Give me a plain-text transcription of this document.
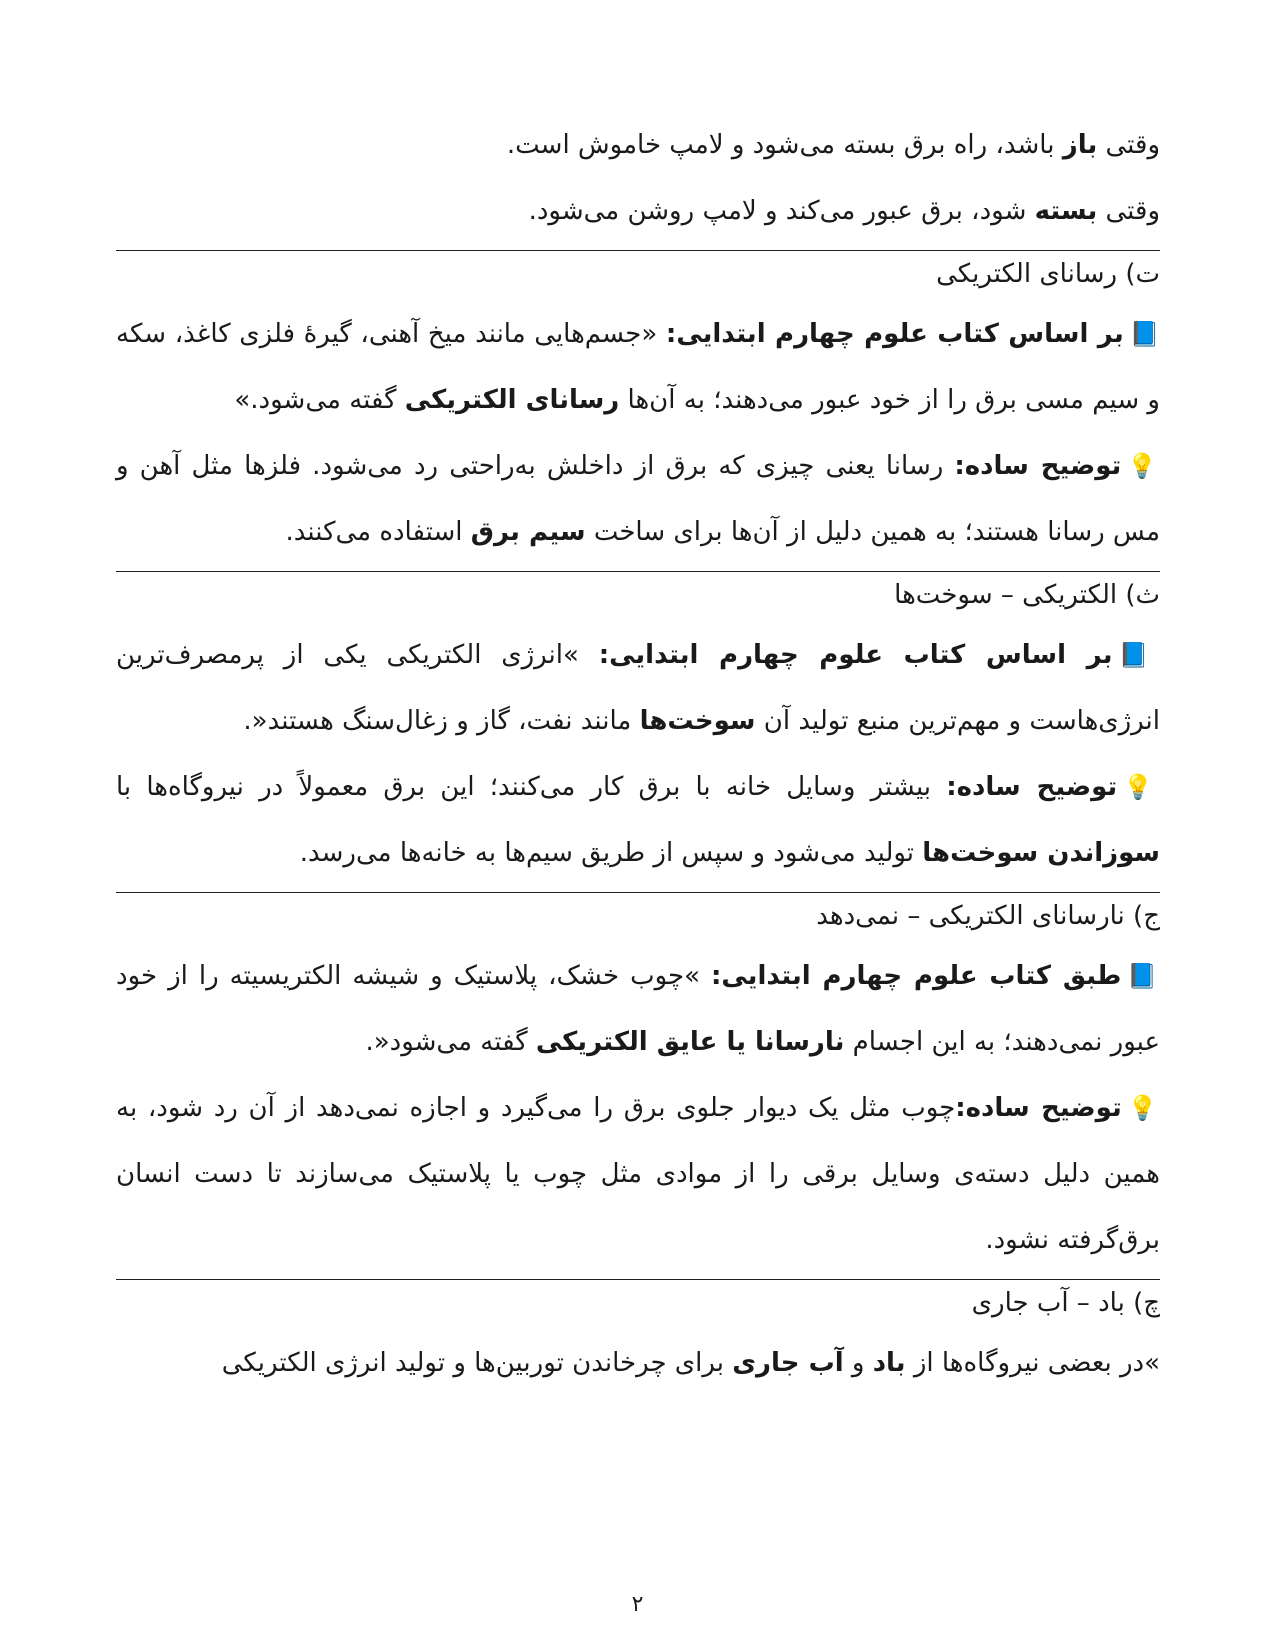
وقتی باز باشد، راه برق بسته می‌شود و لامپ خاموش است.

وقتی بسته شود، برق عبور می‌کند و لامپ روشن می‌شود.

ت) رسانای الکتریکی

📘بر اساس کتاب علوم چهارم ابتدایی: «جسم‌هایی مانند میخ آهنی، گیرهٔ فلزی کاغذ، سکه و سیم مسی برق را از خود عبور می‌دهند؛ به آن‌ها رسانای الکتریکی گفته می‌شود.»

💡توضیح ساده: رسانا یعنی چیزی که برق از داخلش به‌راحتی رد می‌شود. فلزها مثل آهن و مس رسانا هستند؛ به همین دلیل از آن‌ها برای ساخت سیم برق استفاده می‌کنند.

ث) الکتریکی – سوخت‌ها

📘بر اساس کتاب علوم چهارم ابتدایی: »انرژی الکتریکی یکی از پرمصرف‌ترین انرژی‌هاست و مهم‌ترین منبع تولید آن سوخت‌ها مانند نفت، گاز و زغال‌سنگ هستند«.

💡توضیح ساده: بیشتر وسایل خانه با برق کار می‌کنند؛ این برق معمولاً در نیروگاه‌ها با سوزاندن سوخت‌ها تولید می‌شود و سپس از طریق سیم‌ها به خانه‌ها می‌رسد.

ج) نارسانای الکتریکی – نمی‌دهد

📘طبق کتاب علوم چهارم ابتدایی: »چوب خشک، پلاستیک و شیشه الکتریسیته را از خود عبور نمی‌دهند؛ به این اجسام نارسانا یا عایق الکتریکی گفته می‌شود«.

💡توضیح ساده:چوب مثل یک دیوار جلوی برق را می‌گیرد و اجازه نمی‌دهد از آن رد شود، به همین دلیل دسته‌ی وسایل برقی را از موادی مثل چوب یا پلاستیک می‌سازند تا دست انسان برق‌گرفته نشود.

چ) باد – آب جاری

»در بعضی نیروگاه‌ها از باد و آب جاری برای چرخاندن توربین‌ها و تولید انرژی الکتریکی

۲
